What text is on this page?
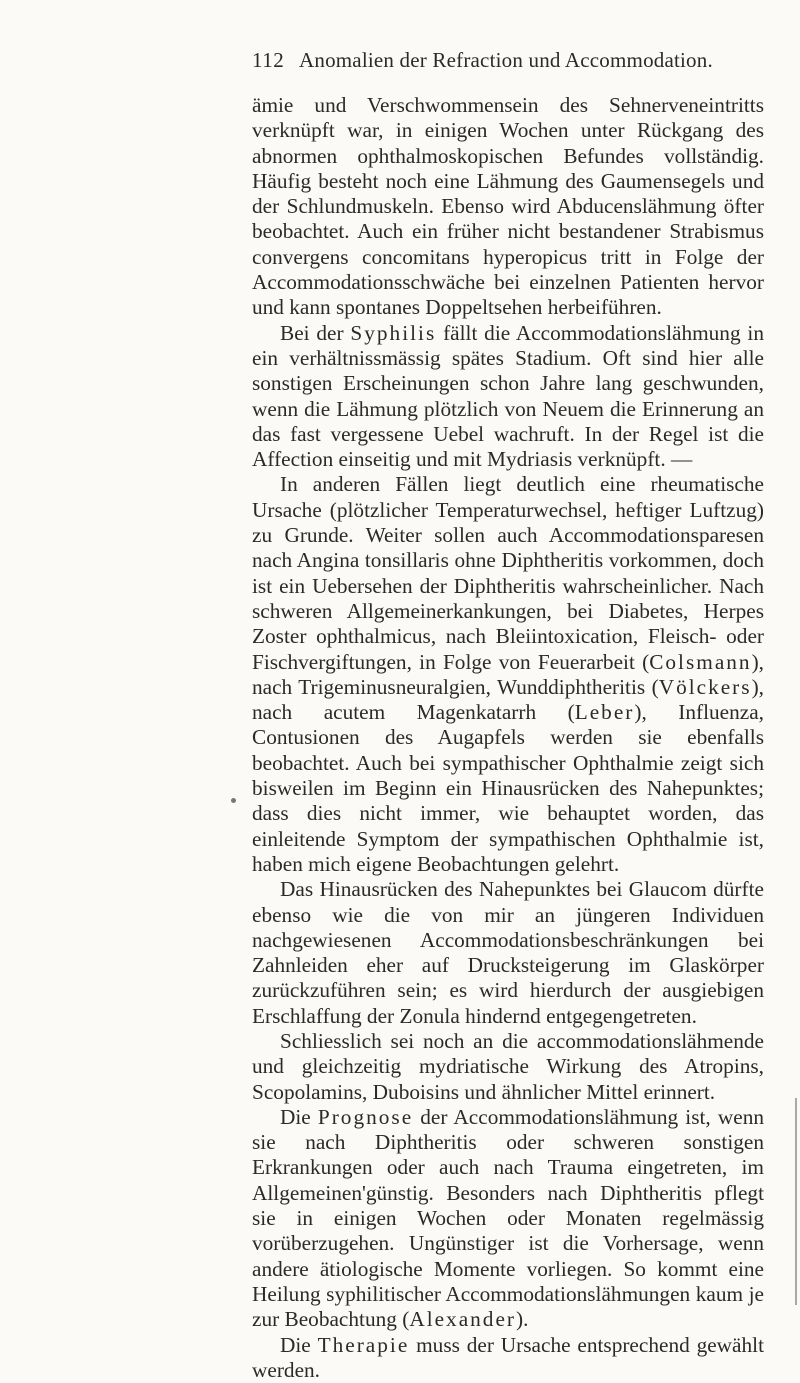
112 Anomalien der Refraction und Accommodation.

ämie und Verschwommensein des Sehnerveneintritts verknüpft war, in einigen Wochen unter Rückgang des abnormen ophthalmoskopischen Befundes vollständig. Häufig besteht noch eine Lähmung des Gaumensegels und der Schlundmuskeln. Ebenso wird Abducenslähmung öfter beobachtet. Auch ein früher nicht bestandener Strabismus convergens concomitans hyperopicus tritt in Folge der Accommodationsschwäche bei einzelnen Patienten hervor und kann spontanes Doppeltsehen herbeiführen.

Bei der Syphilis fällt die Accommodationslähmung in ein verhältnissmässig spätes Stadium. Oft sind hier alle sonstigen Erscheinungen schon Jahre lang geschwunden, wenn die Lähmung plötzlich von Neuem die Erinnerung an das fast vergessene Uebel wachruft. In der Regel ist die Affection einseitig und mit Mydriasis verknüpft. —

In anderen Fällen liegt deutlich eine rheumatische Ursache (plötzlicher Temperaturwechsel, heftiger Luftzug) zu Grunde. Weiter sollen auch Accommodationsparesen nach Angina tonsillaris ohne Diphtheritis vorkommen, doch ist ein Uebersehen der Diphtheritis wahrscheinlicher. Nach schweren Allgemeinerkankungen, bei Diabetes, Herpes Zoster ophthalmicus, nach Bleiintoxication, Fleisch- oder Fischvergiftungen, in Folge von Feuerarbeit (Colsmann), nach Trigeminusneuralgien, Wunddiphtheritis (Völckers), nach acutem Magenkatarrh (Leber), Influenza, Contusionen des Augapfels werden sie ebenfalls beobachtet. Auch bei sympathischer Ophthalmie zeigt sich bisweilen im Beginn ein Hinausrücken des Nahepunktes; dass dies nicht immer, wie behauptet worden, das einleitende Symptom der sympathischen Ophthalmie ist, haben mich eigene Beobachtungen gelehrt.

Das Hinausrücken des Nahepunktes bei Glaucom dürfte ebenso wie die von mir an jüngeren Individuen nachgewiesenen Accommodationsbeschränkungen bei Zahnleiden eher auf Drucksteigerung im Glaskörper zurückzuführen sein; es wird hierdurch der ausgiebigen Erschlaffung der Zonula hindernd entgegengetreten.

Schliesslich sei noch an die accommodationslähmende und gleichzeitig mydriatische Wirkung des Atropins, Scopolamins, Duboisins und ähnlicher Mittel erinnert.

Die Prognose der Accommodationslähmung ist, wenn sie nach Diphtheritis oder schweren sonstigen Erkrankungen oder auch nach Trauma eingetreten, im Allgemeinen'günstig. Besonders nach Diphtheritis pflegt sie in einigen Wochen oder Monaten regelmässig vorüberzugehen. Ungünstiger ist die Vorhersage, wenn andere ätiologische Momente vorliegen. So kommt eine Heilung syphilitischer Accommodationslähmungen kaum je zur Beobachtung (Alexander).

Die Therapie muss der Ursache entsprechend gewählt werden.
